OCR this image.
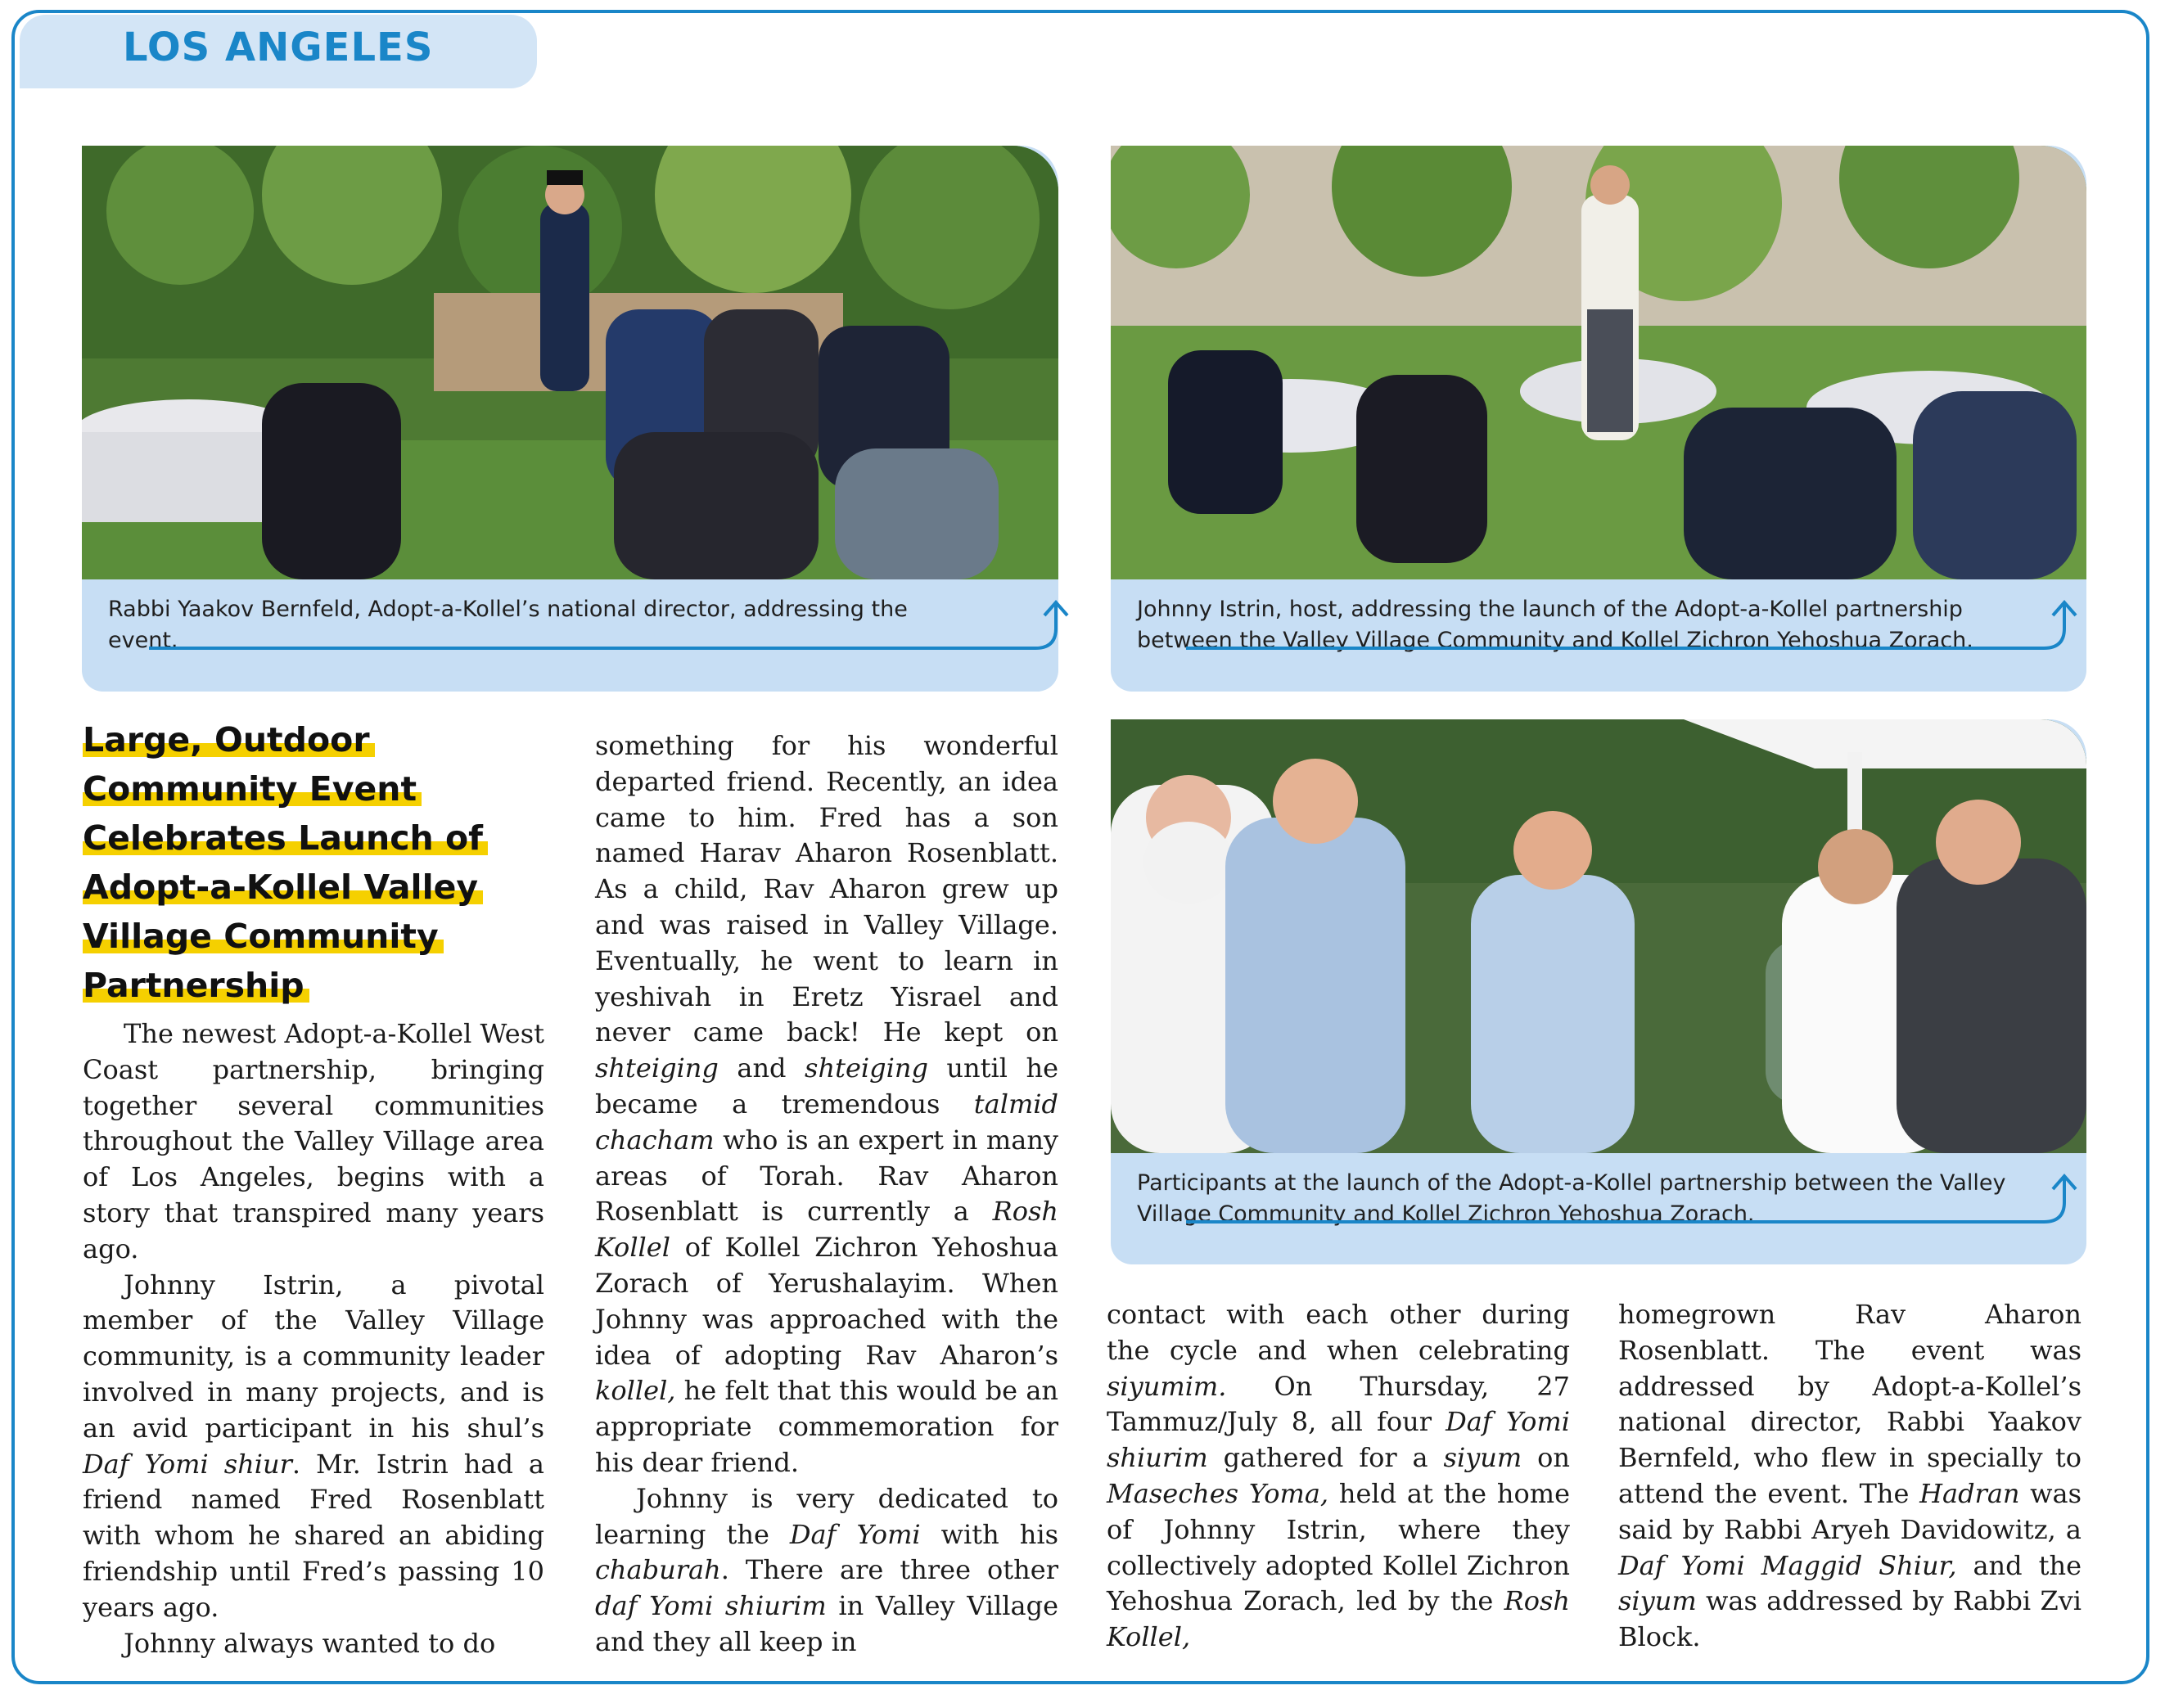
LOS ANGELES
Rabbi Yaakov Bernfeld, Adopt-a-Kollel’s national director, addressing the event.
Johnny Istrin, host, addressing the launch of the Adopt-a-Kollel partnership between the Valley Village Community and Kollel Zichron Yehoshua Zorach.
Participants at the launch of the Adopt-a-Kollel partnership between the Valley Village Community and Kollel Zichron Yehoshua Zorach.
Large, Outdoor
Community Event
Celebrates Launch of
Adopt-a-Kollel Valley
Village Community
Partnership

The newest Adopt-a-Kollel West Coast partnership, bringing together several communities throughout the Valley Village area of Los Angeles, begins with a story that transpired many years ago.

Johnny Istrin, a pivotal member of the Valley Village community, is a community leader involved in many projects, and is an avid participant in his shul’s Daf Yomi shiur. Mr. Istrin had a friend named Fred Rosenblatt with whom he shared an abiding friendship until Fred’s passing 10 years ago.

Johnny always wanted to do

something for his wonderful departed friend. Recently, an idea came to him. Fred has a son named Harav Aharon Rosenblatt. As a child, Rav Aharon grew up and was raised in Valley Village. Eventually, he went to learn in yeshivah in Eretz Yisrael and never came back! He kept on shteiging and shteiging until he became a tremendous talmid chacham who is an expert in many areas of Torah. Rav Aharon Rosenblatt is currently a Rosh Kollel of Kollel Zichron Yehoshua Zorach of Yerushalayim. When Johnny was approached with the idea of adopting Rav Aharon’s kollel, he felt that this would be an appropriate commemoration for his dear friend.

Johnny is very dedicated to learning the Daf Yomi with his chaburah. There are three other daf Yomi shiurim in Valley Village and they all keep in

contact with each other during the cycle and when celebrating siyumim. On Thursday, 27 Tammuz/July 8, all four Daf Yomi shiurim gathered for a siyum on Maseches Yoma, held at the home of Johnny Istrin, where they collectively adopted Kollel Zichron Yehoshua Zorach, led by the Rosh Kollel,

homegrown Rav Aharon Rosenblatt. The event was addressed by Adopt-a-Kollel’s national director, Rabbi Yaakov Bernfeld, who flew in specially to attend the event. The Hadran was said by Rabbi Aryeh Davidowitz, a Daf Yomi Maggid Shiur, and the siyum was addressed by Rabbi Zvi Block.
